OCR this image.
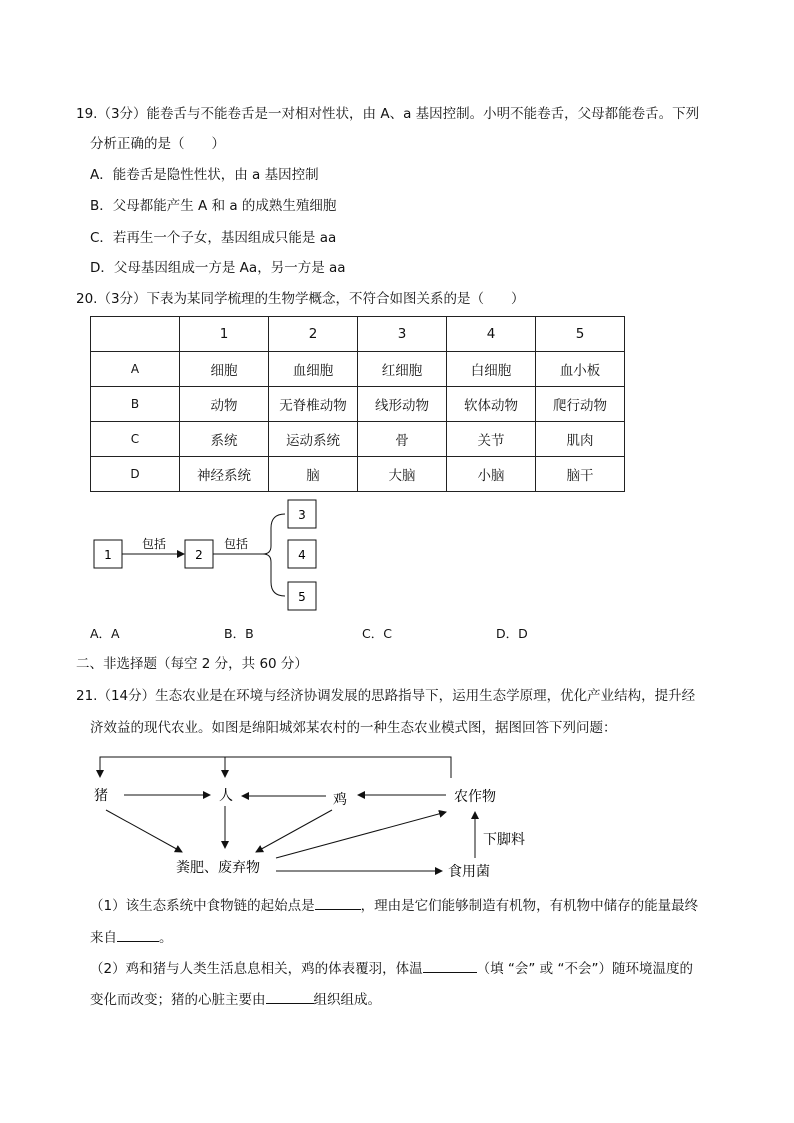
19.（3分）能卷舌与不能卷舌是一对相对性状，由 A、a 基因控制。小明不能卷舌，父母都能卷舌。下列
分析正确的是（　　）
A．能卷舌是隐性性状，由 a 基因控制
B．父母都能产生 A 和 a 的成熟生殖细胞
C．若再生一个子女，基因组成只能是 aa
D．父母基因组成一方是 Aa，另一方是 aa
20.（3分）下表为某同学梳理的生物学概念，不符合如图关系的是（　　）
	1	2	3	4	5
A	细胞	血细胞	红细胞	白细胞	血小板
B	动物	无脊椎动物	线形动物	软体动物	爬行动物
C	系统	运动系统	骨	关节	肌肉
D	神经系统	脑	大脑	小脑	脑干
1
包括
2
包括
3
4
5
A．A	B．B	C．C	D．D
二、非选择题（每空 2 分，共 60 分）
21.（14分）生态农业是在环境与经济协调发展的思路指导下，运用生态学原理，优化产业结构，提升经
济效益的现代农业。如图是绵阳城郊某农村的一种生态农业模式图，据图回答下列问题：
猪	人	鸡	农作物
粪肥、废弃物	食用菌
下脚料
（1）该生态系统中食物链的起始点是	，理由是它们能够制造有机物，有机物中储存的能量最终
来自	。
（2）鸡和猪与人类生活息息相关，鸡的体表覆羽，体温	（填 “会” 或 “不会”）随环境温度的
变化而改变；猪的心脏主要由	组织组成。
